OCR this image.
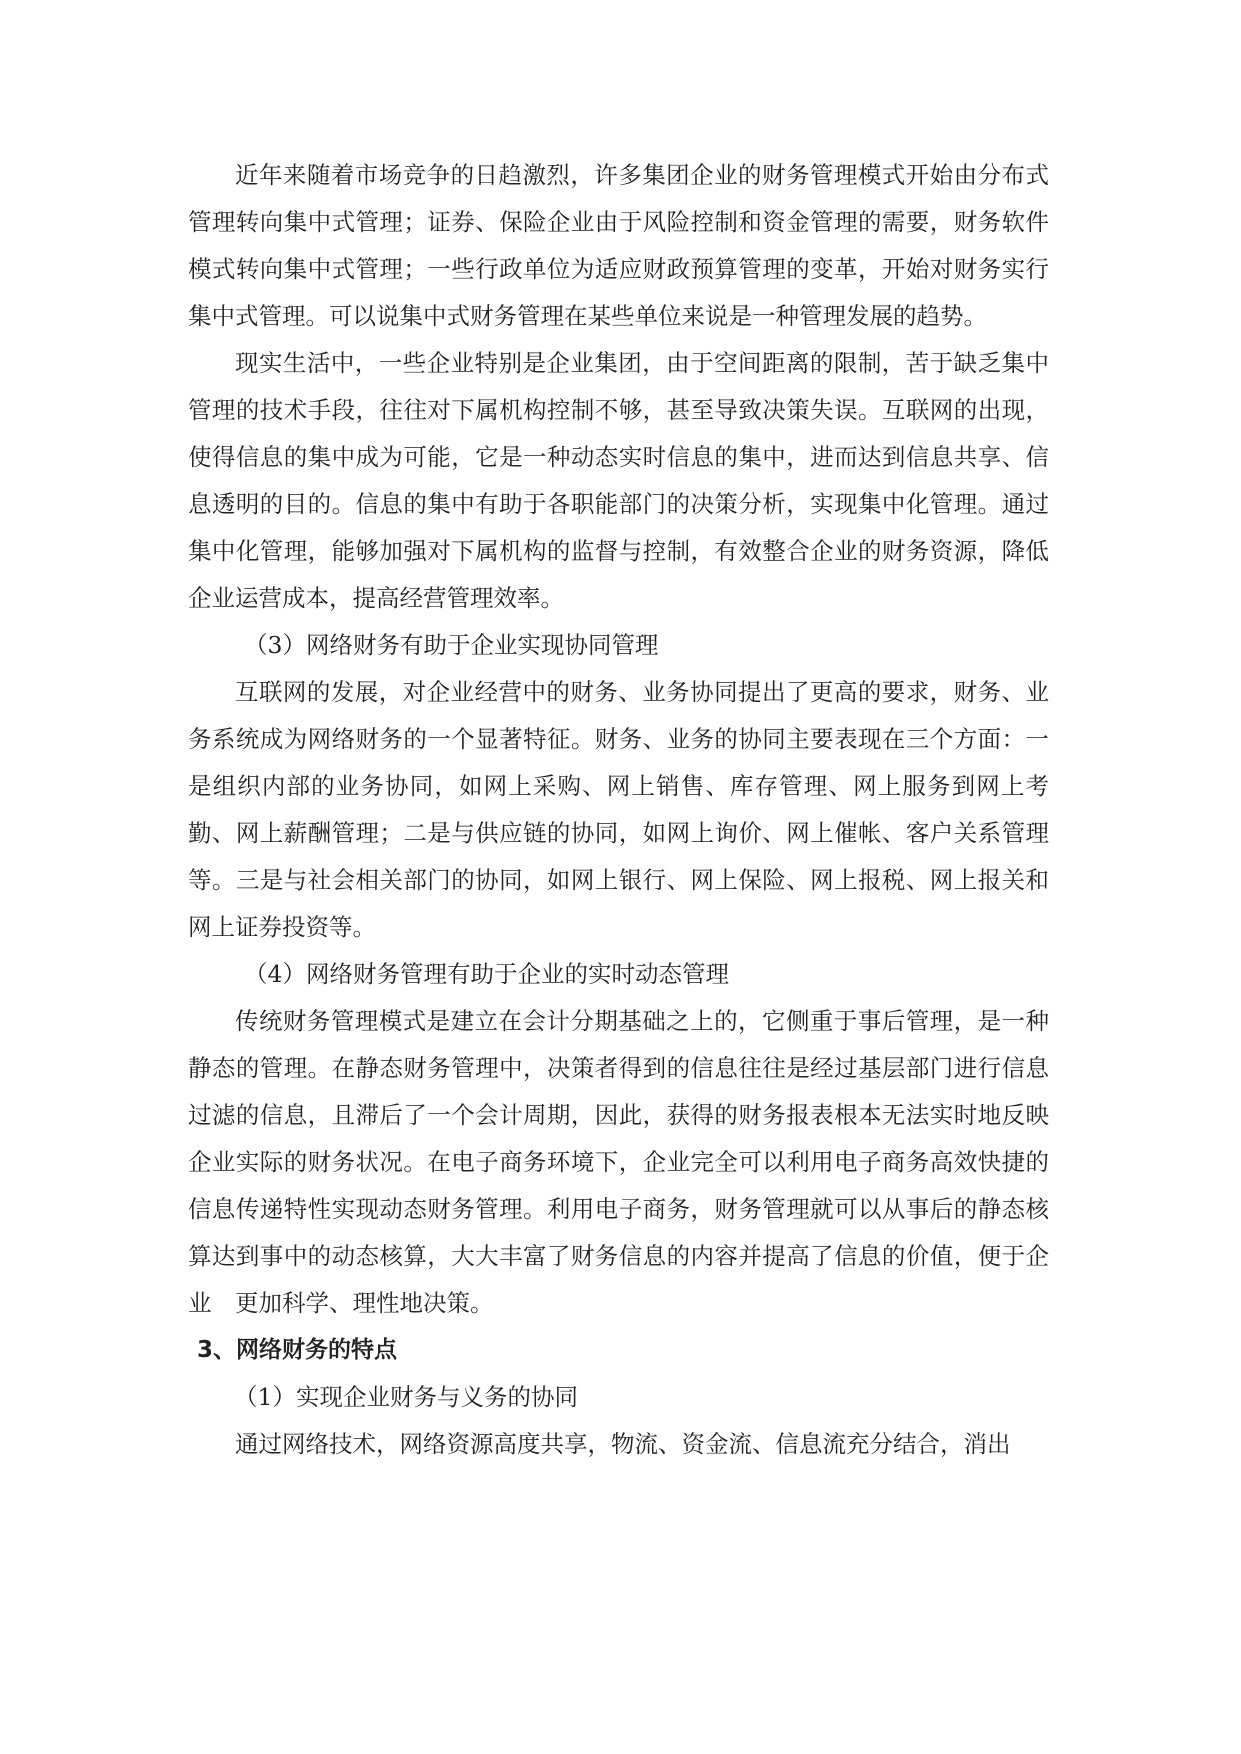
近年来随着市场竞争的日趋激烈，许多集团企业的财务管理模式开始由分布式管理转向集中式管理；证券、保险企业由于风险控制和资金管理的需要，财务软件模式转向集中式管理；一些行政单位为适应财政预算管理的变革，开始对财务实行集中式管理。可以说集中式财务管理在某些单位来说是一种管理发展的趋势。

现实生活中，一些企业特别是企业集团，由于空间距离的限制，苦于缺乏集中管理的技术手段，往往对下属机构控制不够，甚至导致决策失误。互联网的出现，使得信息的集中成为可能，它是一种动态实时信息的集中，进而达到信息共享、信息透明的目的。信息的集中有助于各职能部门的决策分析，实现集中化管理。通过集中化管理，能够加强对下属机构的监督与控制，有效整合企业的财务资源，降低企业运营成本，提高经营管理效率。

（3）网络财务有助于企业实现协同管理

互联网的发展，对企业经营中的财务、业务协同提出了更高的要求，财务、业务系统成为网络财务的一个显著特征。财务、业务的协同主要表现在三个方面：一是组织内部的业务协同，如网上采购、网上销售、库存管理、网上服务到网上考勤、网上薪酬管理；二是与供应链的协同，如网上询价、网上催帐、客户关系管理等。三是与社会相关部门的协同，如网上银行、网上保险、网上报税、网上报关和网上证券投资等。

（4）网络财务管理有助于企业的实时动态管理

传统财务管理模式是建立在会计分期基础之上的，它侧重于事后管理，是一种静态的管理。在静态财务管理中，决策者得到的信息往往是经过基层部门进行信息过滤的信息，且滞后了一个会计周期，因此，获得的财务报表根本无法实时地反映企业实际的财务状况。在电子商务环境下，企业完全可以利用电子商务高效快捷的信息传递特性实现动态财务管理。利用电子商务，财务管理就可以从事后的静态核算达到事中的动态核算，大大丰富了财务信息的内容并提高了信息的价值，便于企业　更加科学、理性地决策。

3、网络财务的特点

（1）实现企业财务与义务的协同

通过网络技术，网络资源高度共享，物流、资金流、信息流充分结合，消出
